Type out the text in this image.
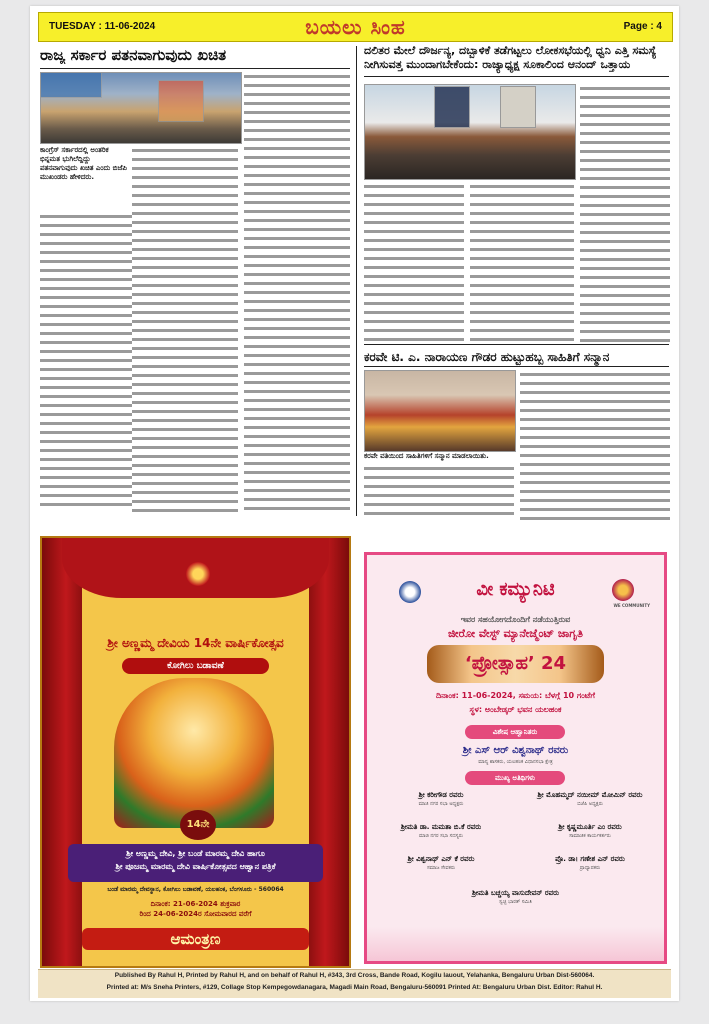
TUESDAY : 11-06-2024	ಬಯಲು ಸಿಂಹ	Page : 4
ರಾಜ್ಯ ಸರ್ಕಾರ ಪತನವಾಗುವುದು ಖಚಿತ
ಕಾಂಗ್ರೆಸ್ ಸರ್ಕಾರದಲ್ಲಿ ಅಂತರಿಕ ಭಿನ್ನಮತ ಭುಗಿಲೆದ್ದಿದ್ದು ಪತನವಾಗುವುದು ಖಚಿತ ಎಂದು ಬಿಜೆಪಿ ಮುಖಂಡರು ಹೇಳಿದರು.
ದಲಿತರ ಮೇಲೆ ದೌರ್ಜನ್ಯ, ದಬ್ಬಾಳಿಕೆ ತಡೆಗಟ್ಟಲು ಲೋಕಸಭೆಯಲ್ಲಿ ಧ್ವನಿ ಎತ್ತಿ ಸಮಸ್ಯೆ ನೀಗಿಸುವತ್ತ ಮುಂದಾಗಬೇಕೆಂದು: ರಾಜ್ಯಾಧ್ಯಕ್ಷ ಸೂಕಾಲಿಂದ ಆನಂದ್ ಒತ್ತಾಯ
ಕರವೇ ಟಿ. ಎ. ನಾರಾಯಣ ಗೌಡರ ಹುಟ್ಟುಹಬ್ಬ ಸಾಹಿತಿಗೆ ಸನ್ಮಾನ
ಕರವೇ ವತಿಯಿಂದ ಸಾಹಿತಿಗಳಿಗೆ ಸನ್ಮಾನ ಮಾಡಲಾಯಿತು.
ಶ್ರೀ ಅಣ್ಣಮ್ಮ ದೇವಿಯ 14ನೇ ವಾರ್ಷಿಕೋತ್ಸವ
ಕೋಗಿಲು ಬಡಾವಣೆ
14ನೇ
ಶ್ರೀ ಅಣ್ಣಮ್ಮ ದೇವಿ, ಶ್ರೀ ಬಂಡೆ ಮಾರಮ್ಮ ದೇವಿ ಹಾಗೂ
ಶ್ರೀ ಪೂಜಮ್ಮ ಮಾರಮ್ಮ ದೇವಿ ವಾರ್ಷಿಕೋತ್ಸವದ ಆಹ್ವಾನ ಪತ್ರಿಕೆ
ಬಂಡೆ ಮಾರಮ್ಮ ದೇವಸ್ಥಾನ, ಕೋಗಿಲು ಬಡಾವಣೆ, ಯಲಹಂಕ, ಬೆಂಗಳೂರು - 560064
ದಿನಾಂಕ: 21-06-2024 ಶುಕ್ರವಾರ
ರಿಂದ 24-06-2024ರ ಸೋಮವಾರದ ವರೆಗೆ
ಆಮಂತ್ರಣ
WE COMMUNITY
ವೀ ಕಮ್ಯುನಿಟಿ
ಇವರ ಸಹಯೋಗದೊಂದಿಗೆ ನಡೆಯುತ್ತಿರುವ
ಜೀರೋ ವೇಸ್ಟ್ ಮ್ಯಾನೇಜ್ಮೆಂಟ್ ಜಾಗೃತಿ
‘ಪ್ರೋತ್ಸಾಹ’ 24
ದಿನಾಂಕ: 11-06-2024, ಸಮಯ: ಬೆಳಗ್ಗೆ 10 ಗಂಟೆಗೆ
ಸ್ಥಳ: ಅಂಬೇಡ್ಕರ್ ಭವನ ಯಲಹಂಕ
ವಿಶೇಷ ಆಹ್ವಾನಿತರು
ಶ್ರೀ ಎಸ್ ಆರ್ ವಿಶ್ವನಾಥ್ ರವರು
ಮಾನ್ಯ ಶಾಸಕರು, ಯಲಹಂಕ ವಿಧಾನಸಭಾ ಕ್ಷೇತ್ರ
ಮುಖ್ಯ ಅತಿಥಿಗಳು
ಶ್ರೀ ಕರೀಗೌಡ ರವರು
ಮಾಜಿ ನಗರ ಸಭಾ ಅಧ್ಯಕ್ಷರು
ಶ್ರೀ ಮೊಹಮ್ಮದ್ ನಯೀಮ್ ಮೋಮಿನ್ ರವರು
ಬಿಜೆಪಿ ಅಧ್ಯಕ್ಷರು
ಶ್ರೀಮತಿ ಡಾ. ಮಮತಾ ಬಿ.ಕೆ ರವರು
ಮಾಜಿ ನಗರ ಸಭಾ ಸದಸ್ಯರು
ಶ್ರೀ ಕೃಷ್ಣಮೂರ್ತಿ ಎಂ ರವರು
ಸಾಮಾಜಿಕ ಕಾರ್ಯಕರ್ತರು
ಶ್ರೀ ವಿಶ್ವನಾಥ್ ಎನ್ ಕೆ ರವರು
ಸಮಾಜ ಸೇವಕರು
ಪ್ರೊ. ಡಾ। ಗಣೇಶ ಎನ್ ರವರು
ಪ್ರಾಧ್ಯಾಪಕರು
ಶ್ರೀಮತಿ ಬಚ್ಚಯ್ಯ ವಾಸುದೇವನ್ ರವರು
ಸ್ವಚ್ಛ ಭಾರತ್ ಸಮಿತಿ
Published By Rahul H, Printed by Rahul H, and on behalf of Rahul H, #343, 3rd Cross, Bande Road, Kogilu lauout, Yelahanka, Bengaluru Urban Dist-560064.
Printed at: M/s Sneha Printers, #129, Collage Stop Kempegowdanagara, Magadi Main Road, Bengaluru-560091 Printed At: Bengaluru Urban Dist. Editor: Rahul H.
